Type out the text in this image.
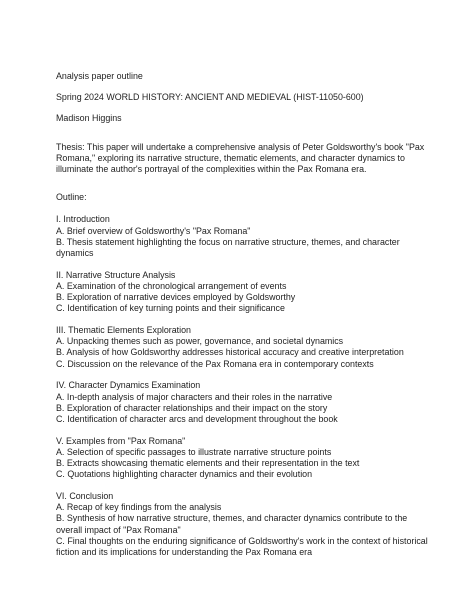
Analysis paper outline
Spring 2024 WORLD HISTORY: ANCIENT AND MEDIEVAL (HIST-11050-600)
Madison Higgins
Thesis: This paper will undertake a comprehensive analysis of Peter Goldsworthy's book "Pax Romana," exploring its narrative structure, thematic elements, and character dynamics to illuminate the author's portrayal of the complexities within the Pax Romana era.
Outline:
I. Introduction
A. Brief overview of Goldsworthy's "Pax Romana"
B. Thesis statement highlighting the focus on narrative structure, themes, and character dynamics
II. Narrative Structure Analysis
A. Examination of the chronological arrangement of events
B. Exploration of narrative devices employed by Goldsworthy
C. Identification of key turning points and their significance
III. Thematic Elements Exploration
A. Unpacking themes such as power, governance, and societal dynamics
B. Analysis of how Goldsworthy addresses historical accuracy and creative interpretation
C. Discussion on the relevance of the Pax Romana era in contemporary contexts
IV. Character Dynamics Examination
A. In-depth analysis of major characters and their roles in the narrative
B. Exploration of character relationships and their impact on the story
C. Identification of character arcs and development throughout the book
V. Examples from "Pax Romana"
A. Selection of specific passages to illustrate narrative structure points
B. Extracts showcasing thematic elements and their representation in the text
C. Quotations highlighting character dynamics and their evolution
VI. Conclusion
A. Recap of key findings from the analysis
B. Synthesis of how narrative structure, themes, and character dynamics contribute to the overall impact of "Pax Romana"
C. Final thoughts on the enduring significance of Goldsworthy's work in the context of historical fiction and its implications for understanding the Pax Romana era
